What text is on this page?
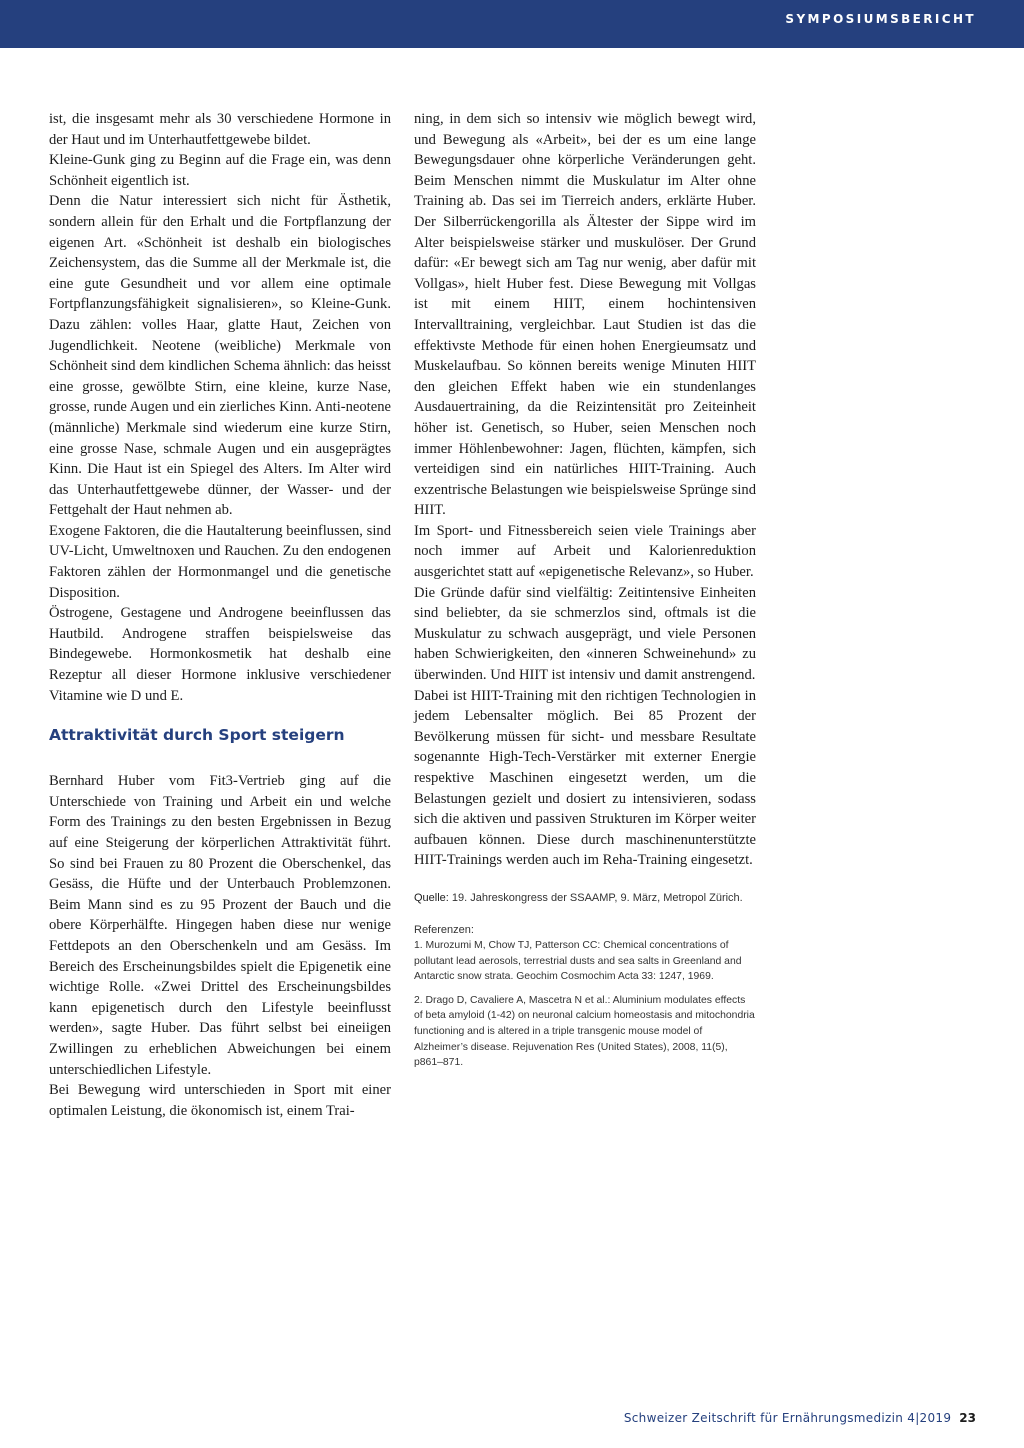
SYMPOSIUMSBERICHT

ist, die insgesamt mehr als 30 verschiedene Hormone in der Haut und im Unterhautfettgewebe bildet.

Kleine-Gunk ging zu Beginn auf die Frage ein, was denn Schönheit eigentlich ist.

Denn die Natur interessiert sich nicht für Ästhetik, sondern allein für den Erhalt und die Fortpflanzung der eigenen Art. «Schönheit ist deshalb ein biologisches Zeichensystem, das die Summe all der Merkmale ist, die eine gute Gesundheit und vor allem eine optimale Fortpflanzungsfähigkeit signalisieren», so Kleine-Gunk. Dazu zählen: volles Haar, glatte Haut, Zeichen von Jugendlichkeit. Neotene (weibliche) Merkmale von Schönheit sind dem kindlichen Schema ähnlich: das heisst eine grosse, gewölbte Stirn, eine kleine, kurze Nase, grosse, runde Augen und ein zierliches Kinn. Anti-neotene (männliche) Merkmale sind wiederum eine kurze Stirn, eine grosse Nase, schmale Augen und ein ausgeprägtes Kinn. Die Haut ist ein Spiegel des Alters. Im Alter wird das Unterhautfettgewebe dünner, der Wasser- und der Fettgehalt der Haut nehmen ab.

Exogene Faktoren, die die Hautalterung beeinflussen, sind UV-Licht, Umweltnoxen und Rauchen. Zu den endogenen Faktoren zählen der Hormonmangel und die genetische Disposition.

Östrogene, Gestagene und Androgene beeinflussen das Hautbild. Androgene straffen beispielsweise das Bindegewebe. Hormonkosmetik hat deshalb eine Rezeptur all dieser Hormone inklusive verschiedener Vitamine wie D und E.

Attraktivität durch Sport steigern

Bernhard Huber vom Fit3-Vertrieb ging auf die Unterschiede von Training und Arbeit ein und welche Form des Trainings zu den besten Ergebnissen in Bezug auf eine Steigerung der körperlichen Attraktivität führt. So sind bei Frauen zu 80 Prozent die Oberschenkel, das Gesäss, die Hüfte und der Unterbauch Problemzonen. Beim Mann sind es zu 95 Prozent der Bauch und die obere Körperhälfte. Hingegen haben diese nur wenige Fettdepots an den Oberschenkeln und am Gesäss. Im Bereich des Erscheinungsbildes spielt die Epigenetik eine wichtige Rolle. «Zwei Drittel des Erscheinungsbildes kann epigenetisch durch den Lifestyle beeinflusst werden», sagte Huber. Das führt selbst bei eineiigen Zwillingen zu erheblichen Abweichungen bei einem unterschiedlichen Lifestyle.

Bei Bewegung wird unterschieden in Sport mit einer optimalen Leistung, die ökonomisch ist, einem Trai-

ning, in dem sich so intensiv wie möglich bewegt wird, und Bewegung als «Arbeit», bei der es um eine lange Bewegungsdauer ohne körperliche Veränderungen geht. Beim Menschen nimmt die Muskulatur im Alter ohne Training ab. Das sei im Tierreich anders, erklärte Huber. Der Silberrückengorilla als Ältester der Sippe wird im Alter beispielsweise stärker und muskulöser. Der Grund dafür: «Er bewegt sich am Tag nur wenig, aber dafür mit Vollgas», hielt Huber fest. Diese Bewegung mit Vollgas ist mit einem HIIT, einem hochintensiven Intervalltraining, vergleichbar. Laut Studien ist das die effektivste Methode für einen hohen Energieumsatz und Muskelaufbau. So können bereits wenige Minuten HIIT den gleichen Effekt haben wie ein stundenlanges Ausdauertraining, da die Reizintensität pro Zeiteinheit höher ist. Genetisch, so Huber, seien Menschen noch immer Höhlenbewohner: Jagen, flüchten, kämpfen, sich verteidigen sind ein natürliches HIIT-Training. Auch exzentrische Belastungen wie beispielsweise Sprünge sind HIIT.

Im Sport- und Fitnessbereich seien viele Trainings aber noch immer auf Arbeit und Kalorienreduktion ausgerichtet statt auf «epigenetische Relevanz», so Huber.

Die Gründe dafür sind vielfältig: Zeitintensive Einheiten sind beliebter, da sie schmerzlos sind, oftmals ist die Muskulatur zu schwach ausgeprägt, und viele Personen haben Schwierigkeiten, den «inneren Schweinehund» zu überwinden. Und HIIT ist intensiv und damit anstrengend.

Dabei ist HIIT-Training mit den richtigen Technologien in jedem Lebensalter möglich. Bei 85 Prozent der Bevölkerung müssen für sicht- und messbare Resultate sogenannte High-Tech-Verstärker mit externer Energie respektive Maschinen eingesetzt werden, um die Belastungen gezielt und dosiert zu intensivieren, sodass sich die aktiven und passiven Strukturen im Körper weiter aufbauen können. Diese durch maschinenunterstützte HIIT-Trainings werden auch im Reha-Training eingesetzt.

Quelle: 19. Jahreskongress der SSAAMP, 9. März, Metropol Zürich.

Referenzen:

1. Murozumi M, Chow TJ, Patterson CC: Chemical concentrations of pollutant lead aerosols, terrestrial dusts and sea salts in Greenland and Antarctic snow strata. Geochim Cosmochim Acta 33: 1247, 1969.

2. Drago D, Cavaliere A, Mascetra N et al.: Aluminium modulates effects of beta amyloid (1-42) on neuronal calcium homeostasis and mitochondria functioning and is altered in a triple transgenic mouse model of Alzheimer’s disease. Rejuvenation Res (United States), 2008, 11(5), p861–871.

Schweizer Zeitschrift für Ernährungsmedizin 4|2019 23
